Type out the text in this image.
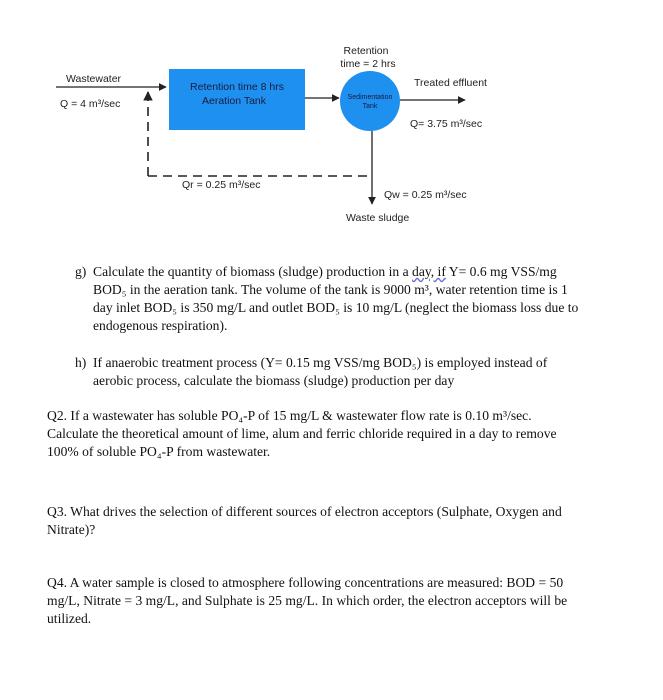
Wastewater
Q = 4 m³/sec
Retention time 8 hrs
Aeration Tank
Retention
time = 2 hrs
Sedimentation
Tank
Treated effluent
Q= 3.75 m³/sec
Qr = 0.25 m³/sec
Qw = 0.25 m³/sec
Waste sludge
g) Calculate the quantity of biomass (sludge) production in a day, if Y= 0.6 mg VSS/mg
BOD₅ in the aeration tank. The volume of the tank is 9000 m³, water retention time is 1
day inlet BOD₅ is 350 mg/L and outlet BOD₅ is 10 mg/L (neglect the biomass loss due to
endogenous respiration).
h) If anaerobic treatment process (Y= 0.15 mg VSS/mg BOD₅) is employed instead of
aerobic process, calculate the biomass (sludge) production per day
Q2. If a wastewater has soluble PO₄-P of 15 mg/L & wastewater flow rate is 0.10 m³/sec.
Calculate the theoretical amount of lime, alum and ferric chloride required in a day to remove
100% of soluble PO₄-P from wastewater.
Q3. What drives the selection of different sources of electron acceptors (Sulphate, Oxygen and
Nitrate)?
Q4. A water sample is closed to atmosphere following concentrations are measured: BOD = 50
mg/L, Nitrate = 3 mg/L, and Sulphate is 25 mg/L. In which order, the electron acceptors will be
utilized.
